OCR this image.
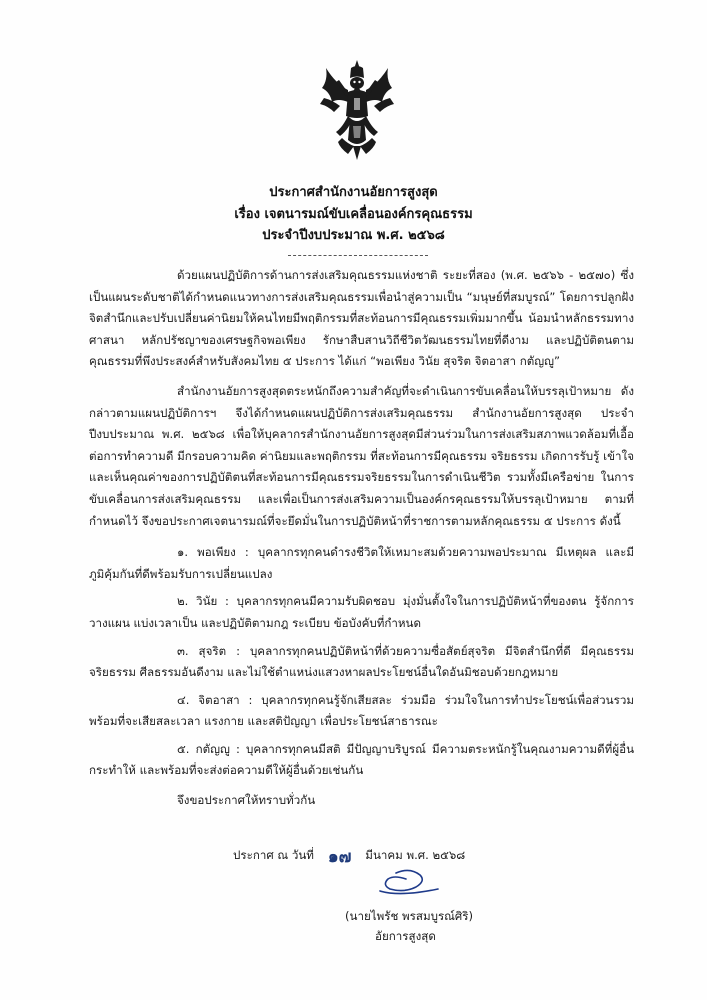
ประกาศสำนักงานอัยการสูงสุด
เรื่อง เจตนารมณ์ขับเคลื่อนองค์กรคุณธรรม
ประจำปีงบประมาณ พ.ศ. ๒๕๖๘

ด้วยแผนปฏิบัติการด้านการส่งเสริมคุณธรรมแห่งชาติ ระยะที่สอง (พ.ศ. ๒๕๖๖ - ๒๕๗๐) ซึ่งเป็นแผนระดับชาติได้กำหนดแนวทางการส่งเสริมคุณธรรมเพื่อนำสู่ความเป็น “มนุษย์ที่สมบูรณ์” โดยการปลูกฝังจิตสำนึกและปรับเปลี่ยนค่านิยมให้คนไทยมีพฤติกรรมที่สะท้อนการมีคุณธรรมเพิ่มมากขึ้น น้อมนำหลักธรรมทางศาสนา หลักปรัชญาของเศรษฐกิจพอเพียง รักษาสืบสานวิถีชีวิตวัฒนธรรมไทยที่ดีงาม และปฏิบัติตนตามคุณธรรมที่พึงประสงค์สำหรับสังคมไทย ๕ ประการ ได้แก่ “พอเพียง วินัย สุจริต จิตอาสา กตัญญู”

สำนักงานอัยการสูงสุดตระหนักถึงความสำคัญที่จะดำเนินการขับเคลื่อนให้บรรลุเป้าหมาย ดังกล่าวตามแผนปฏิบัติการฯ จึงได้กำหนดแผนปฏิบัติการส่งเสริมคุณธรรม สำนักงานอัยการสูงสุด ประจำปีงบประมาณ พ.ศ. ๒๕๖๘ เพื่อให้บุคลากรสำนักงานอัยการสูงสุดมีส่วนร่วมในการส่งเสริมสภาพแวดล้อมที่เอื้อต่อการทำความดี มีกรอบความคิด ค่านิยมและพฤติกรรม ที่สะท้อนการมีคุณธรรม จริยธรรม เกิดการรับรู้ เข้าใจ และเห็นคุณค่าของการปฏิบัติตนที่สะท้อนการมีคุณธรรมจริยธรรมในการดำเนินชีวิต รวมทั้งมีเครือข่าย ในการขับเคลื่อนการส่งเสริมคุณธรรม และเพื่อเป็นการส่งเสริมความเป็นองค์กรคุณธรรมให้บรรลุเป้าหมาย ตามที่กำหนดไว้ จึงขอประกาศเจตนารมณ์ที่จะยึดมั่นในการปฏิบัติหน้าที่ราชการตามหลักคุณธรรม ๕ ประการ ดังนี้

๑. พอเพียง : บุคลากรทุกคนดำรงชีวิตให้เหมาะสมด้วยความพอประมาณ มีเหตุผล และมีภูมิคุ้มกันที่ดีพร้อมรับการเปลี่ยนแปลง

๒. วินัย : บุคลากรทุกคนมีความรับผิดชอบ มุ่งมั่นตั้งใจในการปฏิบัติหน้าที่ของตน รู้จักการวางแผน แบ่งเวลาเป็น และปฏิบัติตามกฎ ระเบียบ ข้อบังคับที่กำหนด

๓. สุจริต : บุคลากรทุกคนปฏิบัติหน้าที่ด้วยความซื่อสัตย์สุจริต มีจิตสำนึกที่ดี มีคุณธรรม จริยธรรม ศีลธรรมอันดีงาม และไม่ใช้ตำแหน่งแสวงหาผลประโยชน์อื่นใดอันมิชอบด้วยกฎหมาย

๔. จิตอาสา : บุคลากรทุกคนรู้จักเสียสละ ร่วมมือ ร่วมใจในการทำประโยชน์เพื่อส่วนรวม พร้อมที่จะเสียสละเวลา แรงกาย และสติปัญญา เพื่อประโยชน์สาธารณะ

๕. กตัญญู : บุคลากรทุกคนมีสติ มีปัญญาบริบูรณ์ มีความตระหนักรู้ในคุณงามความดีที่ผู้อื่น กระทำให้ และพร้อมที่จะส่งต่อความดีให้ผู้อื่นด้วยเช่นกัน

จึงขอประกาศให้ทราบทั่วกัน

ประกาศ ณ วันที่ ๑๗ มีนาคม พ.ศ. ๒๕๖๘
(นายไพรัช พรสมบูรณ์ศิริ)
อัยการสูงสุด
